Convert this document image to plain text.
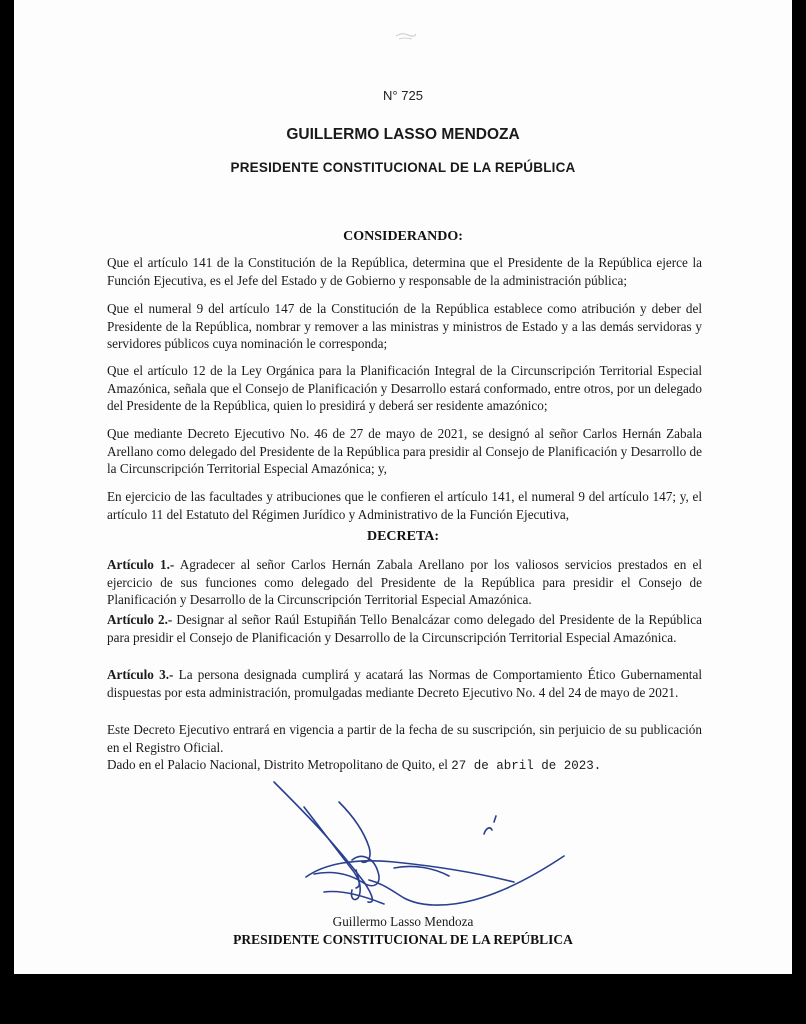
N° 725
GUILLERMO LASSO MENDOZA
PRESIDENTE CONSTITUCIONAL DE LA REPÚBLICA
CONSIDERANDO:

Que el artículo 141 de la Constitución de la República, determina que el Presidente de la República ejerce la Función Ejecutiva, es el Jefe del Estado y de Gobierno y responsable de la administración pública;

Que el numeral 9 del artículo 147 de la Constitución de la República establece como atribución y deber del Presidente de la República, nombrar y remover a las ministras y ministros de Estado y a las demás servidoras y servidores públicos cuya nominación le corresponda;

Que el artículo 12 de la Ley Orgánica para la Planificación Integral de la Circunscripción Territorial Especial Amazónica, señala que el Consejo de Planificación y Desarrollo estará conformado, entre otros, por un delegado del Presidente de la República, quien lo presidirá y deberá ser residente amazónico;

Que mediante Decreto Ejecutivo No. 46 de 27 de mayo de 2021, se designó al señor Carlos Hernán Zabala Arellano como delegado del Presidente de la República para presidir al Consejo de Planificación y Desarrollo de la Circunscripción Territorial Especial Amazónica; y,

En ejercicio de las facultades y atribuciones que le confieren el artículo 141, el numeral 9 del artículo 147; y, el artículo 11 del Estatuto del Régimen Jurídico y Administrativo de la Función Ejecutiva,

DECRETA:

Artículo 1.- Agradecer al señor Carlos Hernán Zabala Arellano por los valiosos servicios prestados en el ejercicio de sus funciones como delegado del Presidente de la República para presidir el Consejo de Planificación y Desarrollo de la Circunscripción Territorial Especial Amazónica.

Artículo 2.- Designar al señor Raúl Estupiñán Tello Benalcázar como delegado del Presidente de la República para presidir el Consejo de Planificación y Desarrollo de la Circunscripción Territorial Especial Amazónica.

Artículo 3.- La persona designada cumplirá y acatará las Normas de Comportamiento Ético Gubernamental dispuestas por esta administración, promulgadas mediante Decreto Ejecutivo No. 4 del 24 de mayo de 2021.

Este Decreto Ejecutivo entrará en vigencia a partir de la fecha de su suscripción, sin perjuicio de su publicación en el Registro Oficial.
Dado en el Palacio Nacional, Distrito Metropolitano de Quito, el 27 de abril de 2023.
Guillermo Lasso Mendoza
PRESIDENTE CONSTITUCIONAL DE LA REPÚBLICA
